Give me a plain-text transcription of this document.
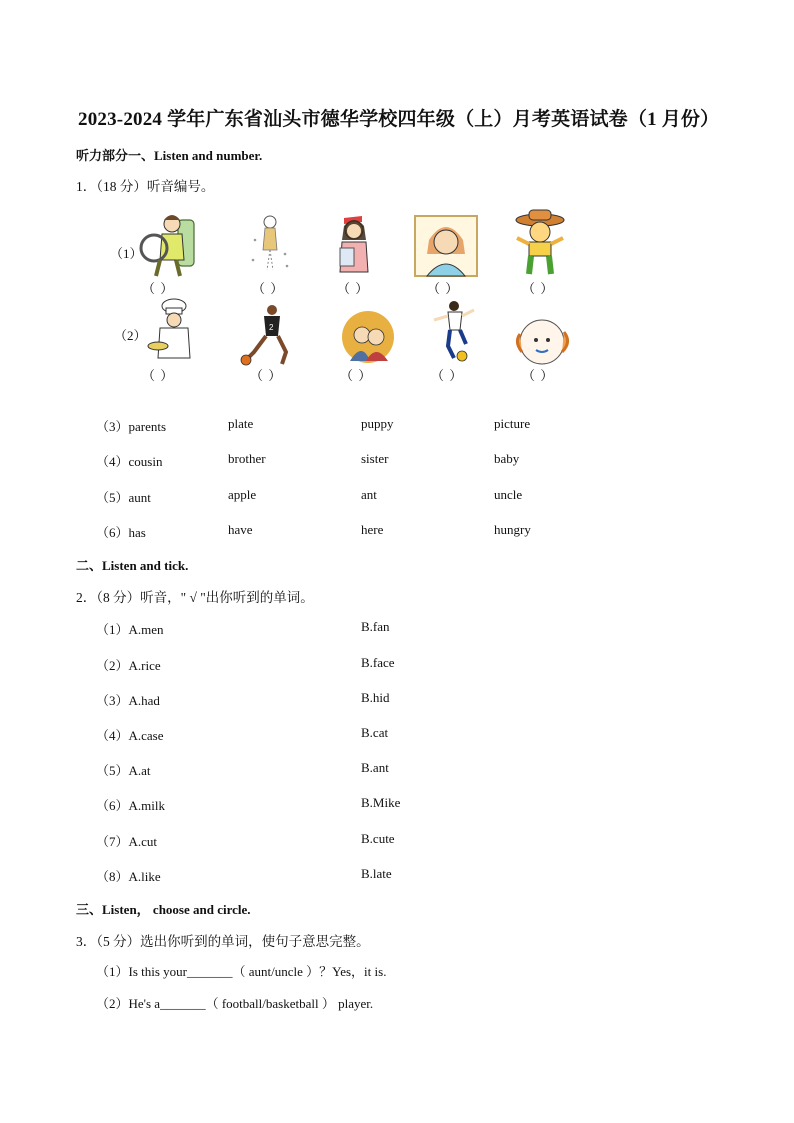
2023-2024 学年广东省汕头市德华学校四年级（上）月考英语试卷（1 月份）
听力部分一、Listen and number.
1．（18 分）听音编号。
（1）
（ ）	（ ）	（ ）	（ ）	（ ）
（2）
2
（ ）	（ ）	（ ）	（ ）	（ ）
（3）parents	plate	puppy	picture
（4）cousin	brother	sister	baby
（5）aunt	apple	ant	uncle
（6）has	have	here	hungry
二、Listen and tick.
2．（8 分）听音，" √ "出你听到的单词。
（1）A.men	B.fan
（2）A.rice	B.face
（3）A.had	B.hid
（4）A.case	B.cat
（5）A.at	B.ant
（6）A.milk	B.Mike
（7）A.cut	B.cute
（8）A.like	B.late
三、Listen， choose and circle.
3．（5 分）选出你听到的单词，使句子意思完整。
（1）Is this your_______（ aunt/uncle ）？Yes，it is.
（2）He's a_______（ football/basketball ） player.
